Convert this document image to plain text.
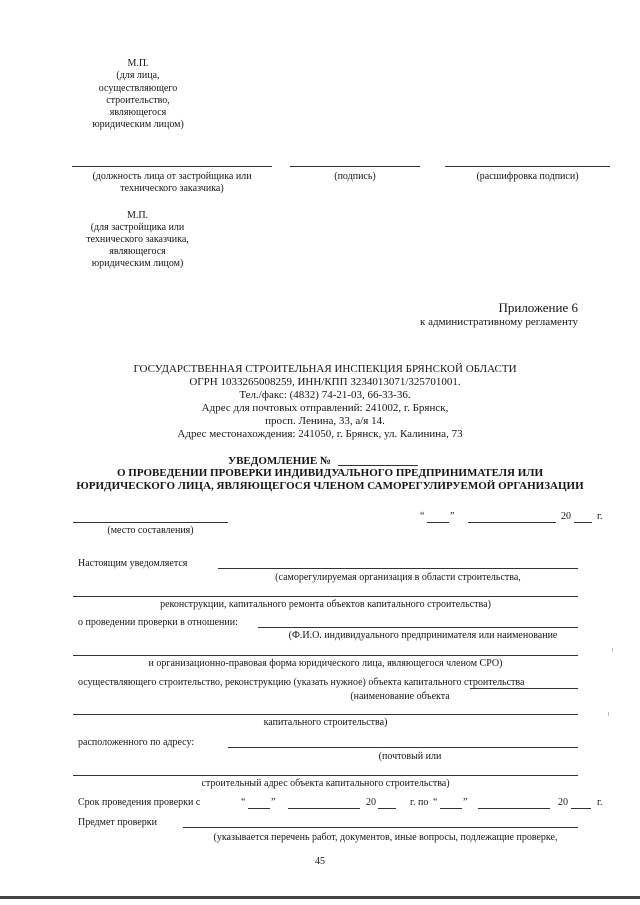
М.П.
(для лица,
осуществляющего
строительство,
являющегося
юридическим лицом)
(должность лица от застройщика или
технического заказчика)
(подпись)	(расшифровка подписи)
М.П.
(для застройщика или
технического заказчика,
являющегося
юридическим лицом)
Приложение 6
к административному регламенту
ГОСУДАРСТВЕННАЯ СТРОИТЕЛЬНАЯ ИНСПЕКЦИЯ БРЯНСКОЙ ОБЛАСТИ
ОГРН 1033265008259, ИНН/КПП 3234013071/325701001.
Тел./факс: (4832) 74-21-03, 66-33-36.
Адрес для почтовых отправлений: 241002, г. Брянск,
просп. Ленина, 33, а/я 14.
Адрес местонахождения: 241050, г. Брянск, ул. Калинина, 73
УВЕДОМЛЕНИЕ №
О ПРОВЕДЕНИИ ПРОВЕРКИ ИНДИВИДУАЛЬНОГО ПРЕДПРИНИМАТЕЛЯ ИЛИ
ЮРИДИЧЕСКОГО ЛИЦА, ЯВЛЯЮЩЕГОСЯ ЧЛЕНОМ САМОРЕГУЛИРУЕМОЙ ОРГАНИЗАЦИИ
(место составления)
“	”	20	г.
Настоящим уведомляется
(саморегулируемая организация в области строительства,
реконструкции, капитального ремонта объектов капитального строительства)
о проведении проверки в отношении:
(Ф.И.О. индивидуального предпринимателя или наименование
и организационно-правовая форма юридического лица, являющегося членом СРО)
осуществляющего строительство, реконструкцию (указать нужное) объекта капитального строительства
(наименование объекта
капитального строительства)
расположенного по адресу:
(почтовый или
строительный адрес объекта капитального строительства)
Срок проведения проверки с	“	”	20	г. по “	”	20	г.
Предмет проверки
(указывается перечень работ, документов, иные вопросы, подлежащие проверке,
45
